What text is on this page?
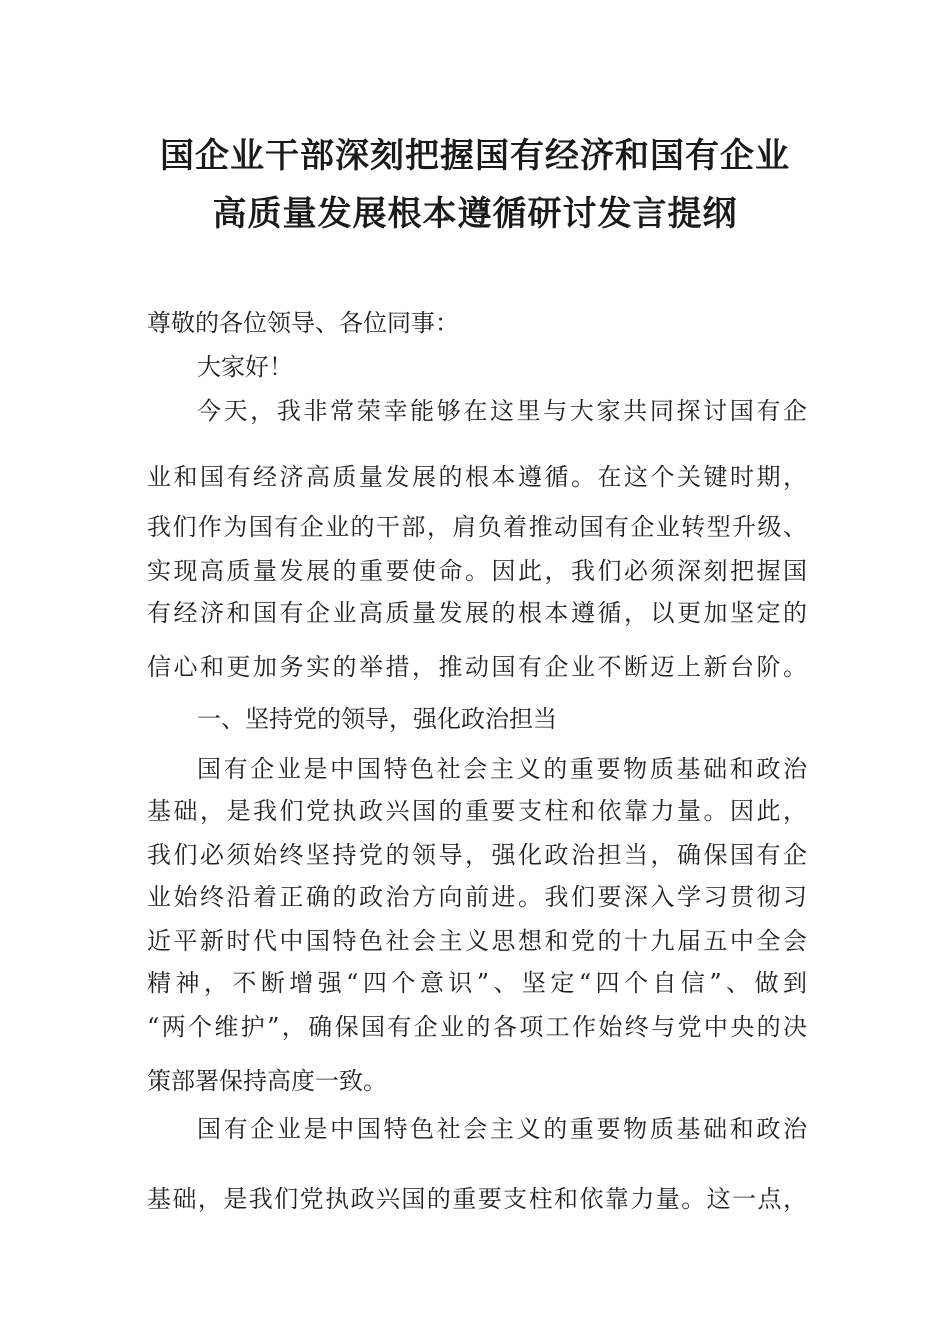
国企业干部深刻把握国有经济和国有企业
高质量发展根本遵循研讨发言提纲
尊敬的各位领导、各位同事：
大家好！
今天，我非常荣幸能够在这里与大家共同探讨国有企
业和国有经济高质量发展的根本遵循。在这个关键时期，
我们作为国有企业的干部，肩负着推动国有企业转型升级、
实现高质量发展的重要使命。因此，我们必须深刻把握国
有经济和国有企业高质量发展的根本遵循，以更加坚定的
信心和更加务实的举措，推动国有企业不断迈上新台阶。
一、坚持党的领导，强化政治担当
国有企业是中国特色社会主义的重要物质基础和政治
基础，是我们党执政兴国的重要支柱和依靠力量。因此，
我们必须始终坚持党的领导，强化政治担当，确保国有企
业始终沿着正确的政治方向前进。我们要深入学习贯彻习
近平新时代中国特色社会主义思想和党的十九届五中全会
精神，不断增强“四个意识”、坚定“四个自信”、做到
“两个维护”，确保国有企业的各项工作始终与党中央的决
策部署保持高度一致。
国有企业是中国特色社会主义的重要物质基础和政治
基础，是我们党执政兴国的重要支柱和依靠力量。这一点，
